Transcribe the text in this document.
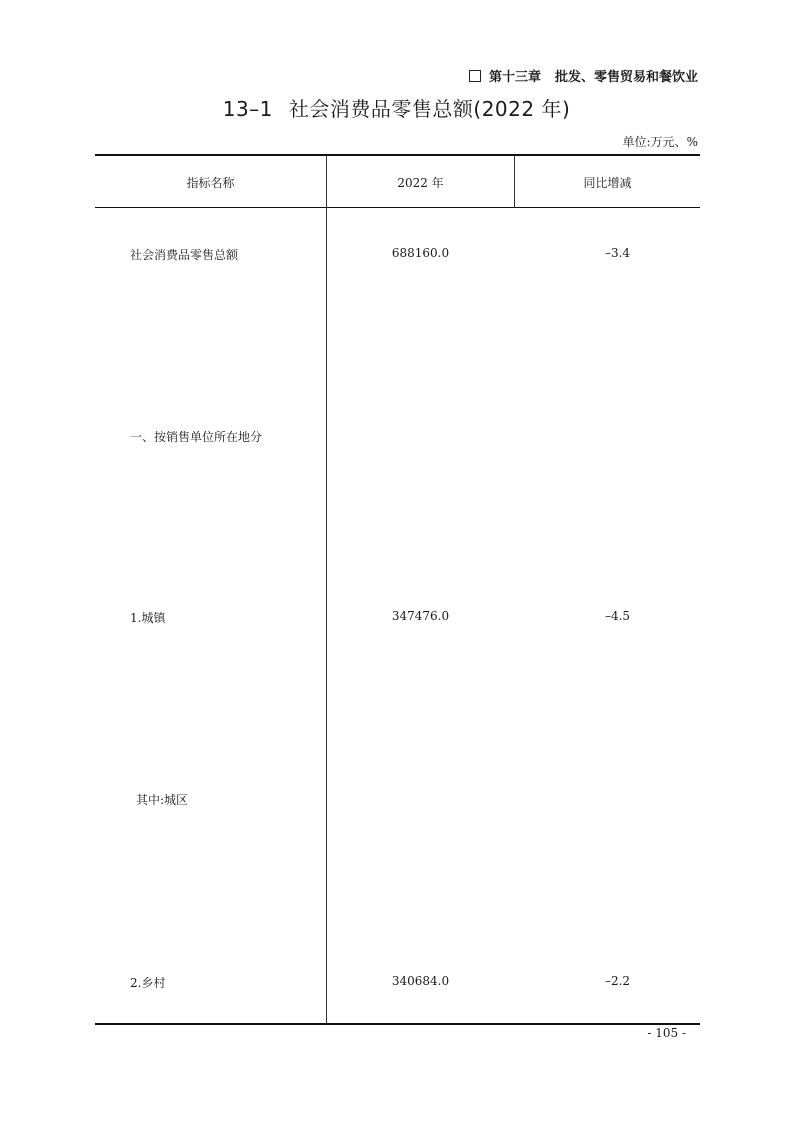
第十三章 批发、零售贸易和餐饮业
13–1 社会消费品零售总额(2022 年)
单位:万元、%
指标名称	2022 年	同比增减
社会消费品零售总额	688160.0	–3.4
一、按销售单位所在地分
1.城镇	347476.0	–4.5
其中:城区
2.乡村	340684.0	–2.2
- 105 -
